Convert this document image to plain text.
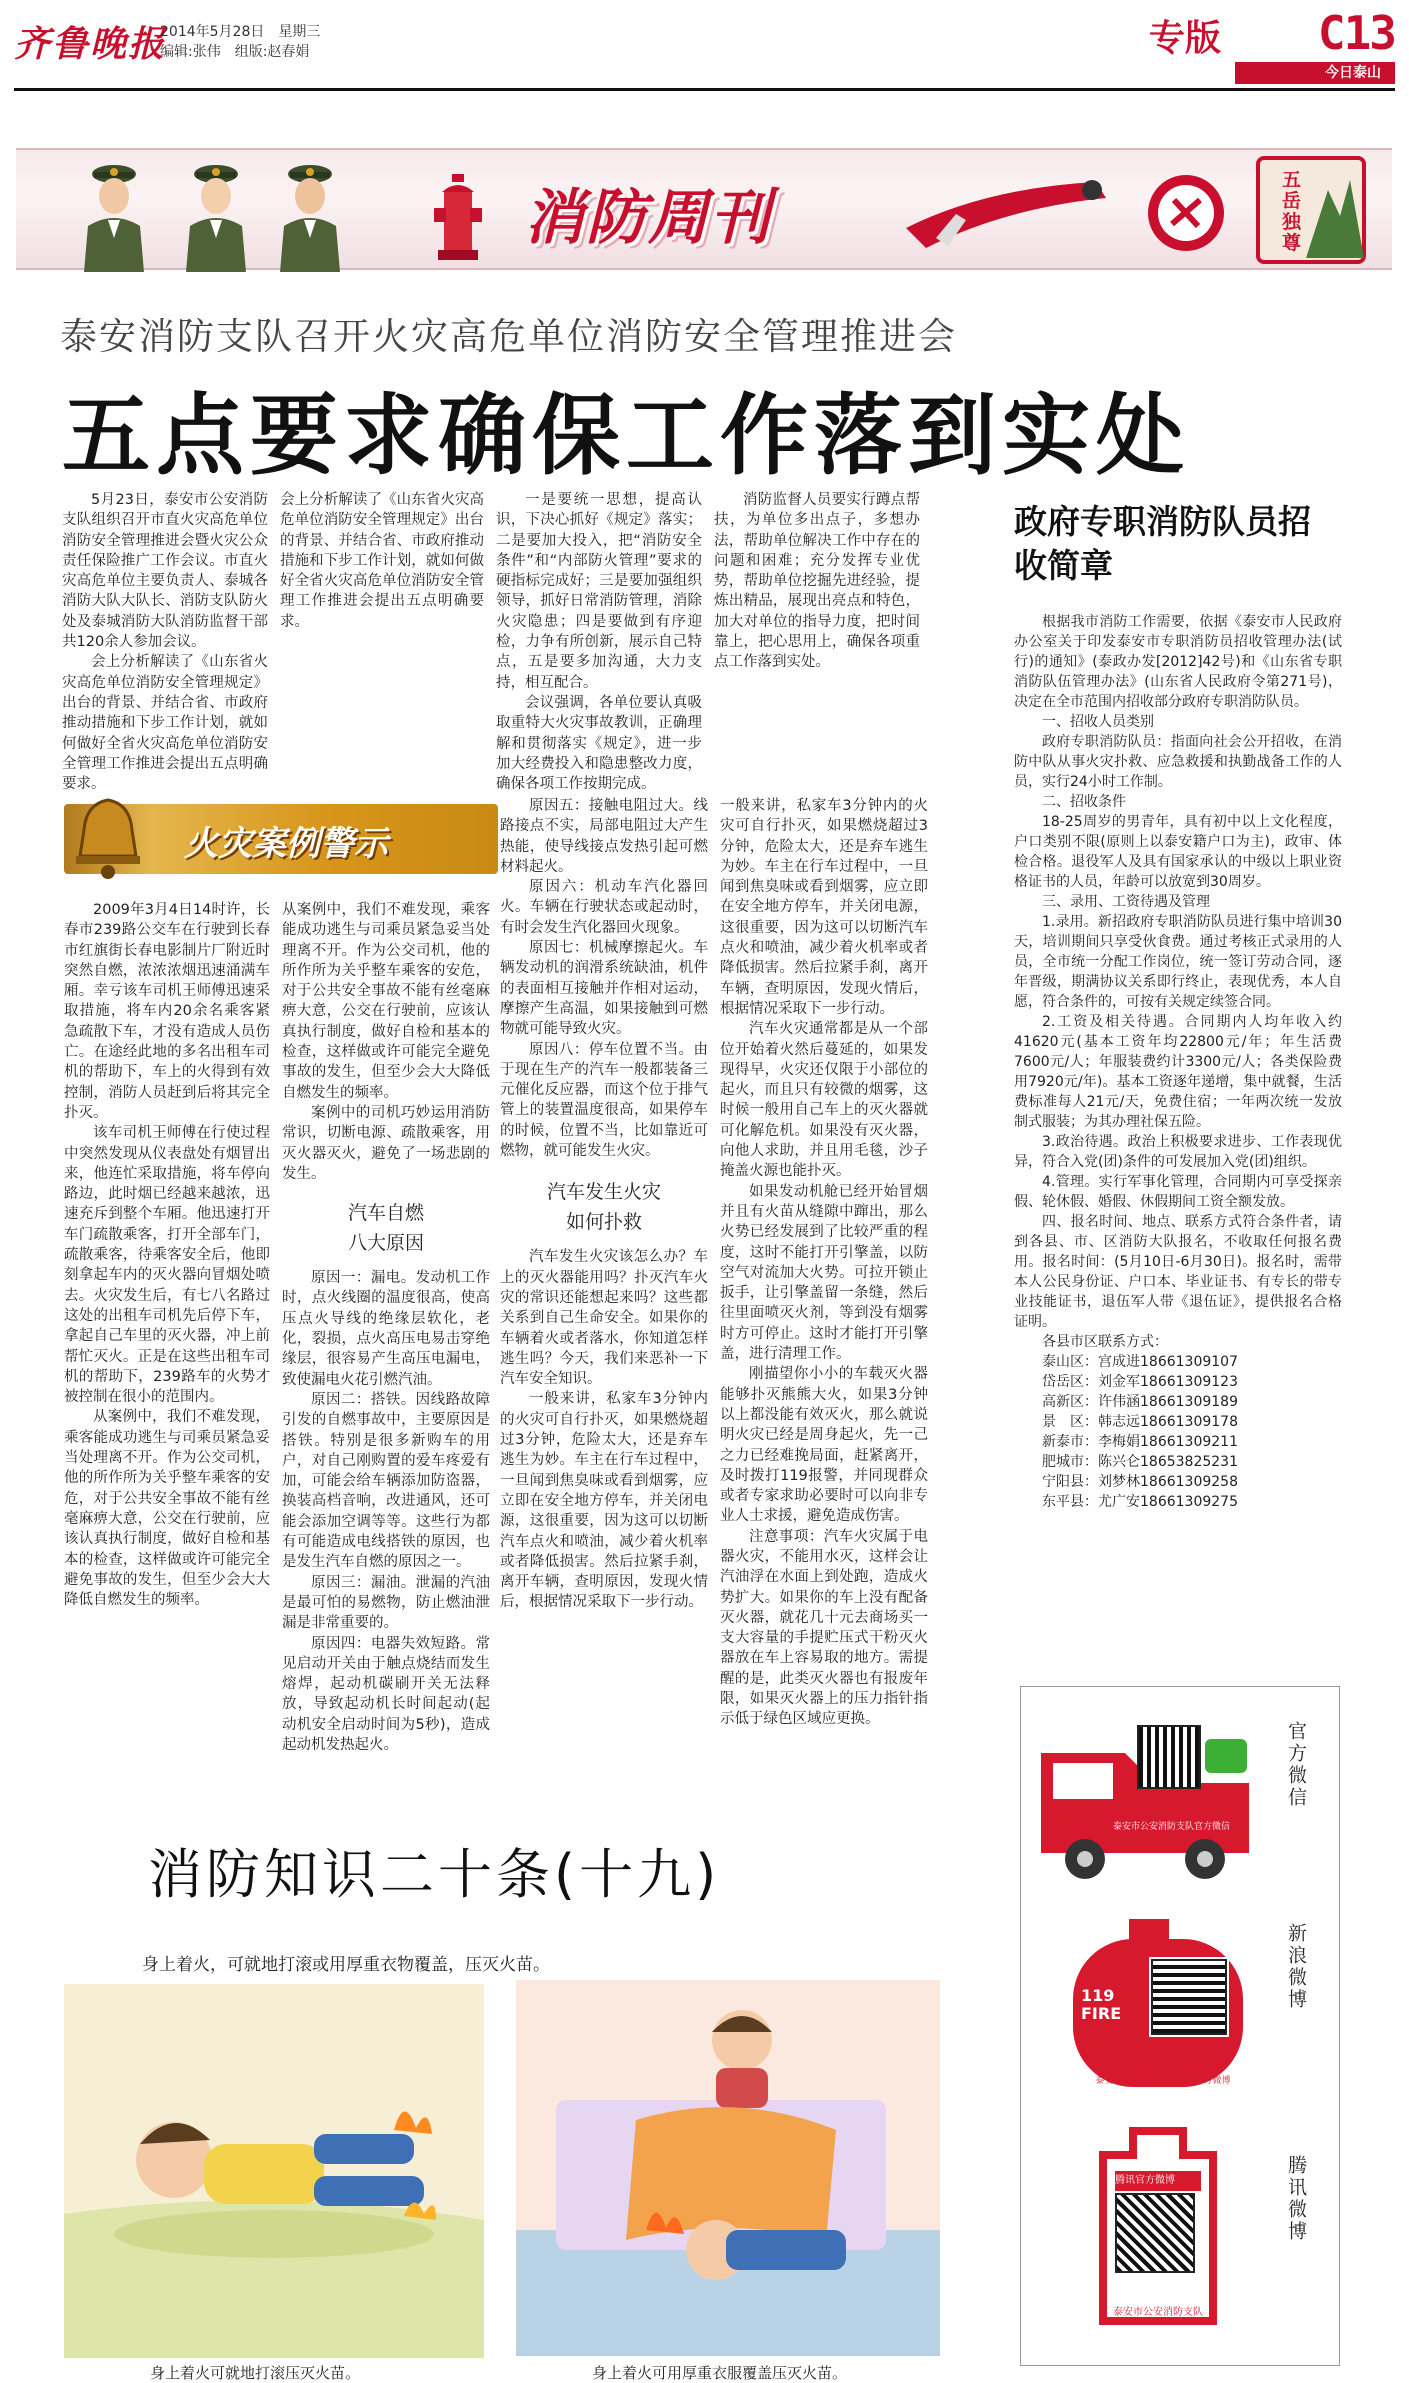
齐鲁晚报
2014年5月28日　星期三
编辑:张伟　组版:赵春娟	专版 C13
今日泰山
消防周刊
五岳独尊
泰安消防支队召开火灾高危单位消防安全管理推进会
五点要求确保工作落到实处

5月23日，泰安市公安消防支队组织召开市直火灾高危单位消防安全管理推进会暨火灾公众责任保险推广工作会议。市直火灾高危单位主要负责人、泰城各消防大队大队长、消防支队防火处及泰城消防大队消防监督干部共120余人参加会议。

会上分析解读了《山东省火灾高危单位消防安全管理规定》出台的背景、并结合省、市政府推动措施和下步工作计划，就如何做好全省火灾高危单位消防安全管理工作推进会提出五点明确要求。

会上分析解读了《山东省火灾高危单位消防安全管理规定》出台的背景、并结合省、市政府推动措施和下步工作计划，就如何做好全省火灾高危单位消防安全管理工作推进会提出五点明确要求。

一是要统一思想，提高认识，下决心抓好《规定》落实；二是要加大投入，把“消防安全条件”和“内部防火管理”要求的硬指标完成好；三是要加强组织领导，抓好日常消防管理，消除火灾隐患；四是要做到有序迎检，力争有所创新，展示自己特点，五是要多加沟通，大力支持，相互配合。

会议强调，各单位要认真吸取重特大火灾事故教训，正确理解和贯彻落实《规定》，进一步加大经费投入和隐患整改力度，确保各项工作按期完成。

消防监督人员要实行蹲点帮扶，为单位多出点子，多想办法，帮助单位解决工作中存在的问题和困难；充分发挥专业优势，帮助单位挖掘先进经验，提炼出精品，展现出亮点和特色，加大对单位的指导力度，把时间靠上，把心思用上，确保各项重点工作落到实处。

政府专职消防队员招收简章

根据我市消防工作需要，依据《泰安市人民政府办公室关于印发泰安市专职消防员招收管理办法(试行)的通知》(泰政办发[2012]42号)和《山东省专职消防队伍管理办法》(山东省人民政府令第271号)，决定在全市范围内招收部分政府专职消防队员。

一、招收人员类别

政府专职消防队员：指面向社会公开招收，在消防中队从事火灾扑救、应急救援和执勤战备工作的人员，实行24小时工作制。

二、招收条件

18-25周岁的男青年，具有初中以上文化程度，户口类别不限(原则上以泰安籍户口为主)，政审、体检合格。退役军人及具有国家承认的中级以上职业资格证书的人员，年龄可以放宽到30周岁。

三、录用、工资待遇及管理

1.录用。新招政府专职消防队员进行集中培训30天，培训期间只享受伙食费。通过考核正式录用的人员，全市统一分配工作岗位，统一签订劳动合同，逐年晋级，期满协议关系即行终止，表现优秀，本人自愿，符合条件的，可按有关规定续签合同。

2.工资及相关待遇。合同期内人均年收入约41620元(基本工资年均22800元/年；年生活费7600元/人；年服装费约计3300元/人；各类保险费用7920元/年)。基本工资逐年递增，集中就餐，生活费标准每人21元/天，免费住宿；一年两次统一发放制式服装；为其办理社保五险。

3.政治待遇。政治上积极要求进步、工作表现优异，符合入党(团)条件的可发展加入党(团)组织。

4.管理。实行军事化管理，合同期内可享受探亲假、轮休假、婚假、休假期间工资全额发放。

四、报名时间、地点、联系方式符合条件者，请到各县、市、区消防大队报名，不收取任何报名费用。报名时间：(5月10日-6月30日)。报名时，需带本人公民身份证、户口本、毕业证书、有专长的带专业技能证书，退伍军人带《退伍证》，提供报名合格证明。

各县市区联系方式：

泰山区：宫成进18661309107
岱岳区：刘金军18661309123
高新区：许伟涵18661309189
景　区：韩志远18661309178
新泰市：李梅娟18661309211
肥城市：陈兴仑18653825231
宁阳县：刘梦林18661309258
东平县：尤广安18661309275
火灾案例警示

2009年3月4日14时许，长春市239路公交车在行驶到长春市红旗街长春电影制片厂附近时突然自燃，浓浓浓烟迅速涌满车厢。幸亏该车司机王师傅迅速采取措施，将车内20余名乘客紧急疏散下车，才没有造成人员伤亡。在途经此地的多名出租车司机的帮助下，车上的火得到有效控制，消防人员赶到后将其完全扑灭。

该车司机王师傅在行使过程中突然发现从仪表盘处有烟冒出来，他连忙采取措施，将车停向路边，此时烟已经越来越浓，迅速充斥到整个车厢。他迅速打开车门疏散乘客，打开全部车门，疏散乘客，待乘客安全后，他即刻拿起车内的灭火器向冒烟处喷去。火灾发生后，有七八名路过这处的出租车司机先后停下车，拿起自己车里的灭火器，冲上前帮忙灭火。正是在这些出租车司机的帮助下，239路车的火势才被控制在很小的范围内。

从案例中，我们不难发现，乘客能成功逃生与司乘员紧急妥当处理离不开。作为公交司机，他的所作所为关乎整车乘客的安危，对于公共安全事故不能有丝毫麻痹大意，公交在行驶前，应该认真执行制度，做好自检和基本的检查，这样做或许可能完全避免事故的发生，但至少会大大降低自燃发生的频率。

从案例中，我们不难发现，乘客能成功逃生与司乘员紧急妥当处理离不开。作为公交司机，他的所作所为关乎整车乘客的安危，对于公共安全事故不能有丝毫麻痹大意，公交在行驶前，应该认真执行制度，做好自检和基本的检查，这样做或许可能完全避免事故的发生，但至少会大大降低自燃发生的频率。

案例中的司机巧妙运用消防常识，切断电源、疏散乘客，用灭火器灭火，避免了一场悲剧的发生。

汽车自燃
八大原因

原因一：漏电。发动机工作时，点火线圈的温度很高，使高压点火导线的绝缘层软化，老化，裂损，点火高压电易击穿绝缘层，很容易产生高压电漏电，致使漏电火花引燃汽油。

原因二：搭铁。因线路故障引发的自燃事故中，主要原因是搭铁。特别是很多新购车的用户，对自己刚购置的爱车疼爱有加，可能会给车辆添加防盗器，换装高档音响，改进通风，还可能会添加空调等等。这些行为都有可能造成电线搭铁的原因，也是发生汽车自燃的原因之一。

原因三：漏油。泄漏的汽油是最可怕的易燃物，防止燃油泄漏是非常重要的。

原因四：电器失效短路。常见启动开关由于触点烧结而发生熔焊，起动机碳刷开关无法释放，导致起动机长时间起动(起动机安全启动时间为5秒)，造成起动机发热起火。

原因五：接触电阻过大。线路接点不实，局部电阻过大产生热能，使导线接点发热引起可燃材料起火。

原因六：机动车汽化器回火。车辆在行驶状态或起动时，有时会发生汽化器回火现象。

原因七：机械摩擦起火。车辆发动机的润滑系统缺油，机件的表面相互接触并作相对运动，摩擦产生高温，如果接触到可燃物就可能导致火灾。

原因八：停车位置不当。由于现在生产的汽车一般都装备三元催化反应器，而这个位于排气管上的装置温度很高，如果停车的时候，位置不当，比如靠近可燃物，就可能发生火灾。

汽车发生火灾
如何扑救

汽车发生火灾该怎么办？车上的灭火器能用吗？扑灭汽车火灾的常识还能想起来吗？这些都关系到自己生命安全。如果你的车辆着火或者落水，你知道怎样逃生吗？今天，我们来恶补一下汽车安全知识。

一般来讲，私家车3分钟内的火灾可自行扑灭，如果燃烧超过3分钟，危险太大，还是弃车逃生为妙。车主在行车过程中，一旦闻到焦臭味或看到烟雾，应立即在安全地方停车，并关闭电源，这很重要，因为这可以切断汽车点火和喷油，减少着火机率或者降低损害。然后拉紧手刹，离开车辆，查明原因，发现火情后，根据情况采取下一步行动。

一般来讲，私家车3分钟内的火灾可自行扑灭，如果燃烧超过3分钟，危险太大，还是弃车逃生为妙。车主在行车过程中，一旦闻到焦臭味或看到烟雾，应立即在安全地方停车，并关闭电源，这很重要，因为这可以切断汽车点火和喷油，减少着火机率或者降低损害。然后拉紧手刹，离开车辆，查明原因，发现火情后，根据情况采取下一步行动。

汽车火灾通常都是从一个部位开始着火然后蔓延的，如果发现得早，火灾还仅限于小部位的起火，而且只有较微的烟雾，这时候一般用自己车上的灭火器就可化解危机。如果没有灭火器，向他人求助，并且用毛毯，沙子掩盖火源也能扑灭。

如果发动机舱已经开始冒烟并且有火苗从缝隙中蹿出，那么火势已经发展到了比较严重的程度，这时不能打开引擎盖，以防空气对流加大火势。可拉开锁止扳手，让引擎盖留一条缝，然后往里面喷灭火剂，等到没有烟雾时方可停止。这时才能打开引擎盖，进行清理工作。

刚描望你小小的车载灭火器能够扑灭熊熊大火，如果3分钟以上都没能有效灭火，那么就说明火灾已经是周身起火，先一己之力已经难挽局面，赶紧离开，及时拨打119报警，并同现群众或者专家求助必要时可以向非专业人士求援，避免造成伤害。

注意事项：汽车火灾属于电器火灾，不能用水灭，这样会让汽油浮在水面上到处跑，造成火势扩大。如果你的车上没有配备灭火器，就花几十元去商场买一支大容量的手提贮压式干粉灭火器放在车上容易取的地方。需提醒的是，此类灭火器也有报废年限，如果灭火器上的压力指针指示低于绿色区域应更换。

消防知识二十条(十九)
身上着火，可就地打滚或用厚重衣物覆盖，压灭火苗。
身上着火可就地打滚压灭火苗。	身上着火可用厚重衣服覆盖压灭火苗。
泰安市公安消防支队官方微信
官方微信
119 FIRE
泰安市公安消防支队新浪官方微博
新浪微博
腾讯官方微博
泰安市公安消防支队
腾讯微博
